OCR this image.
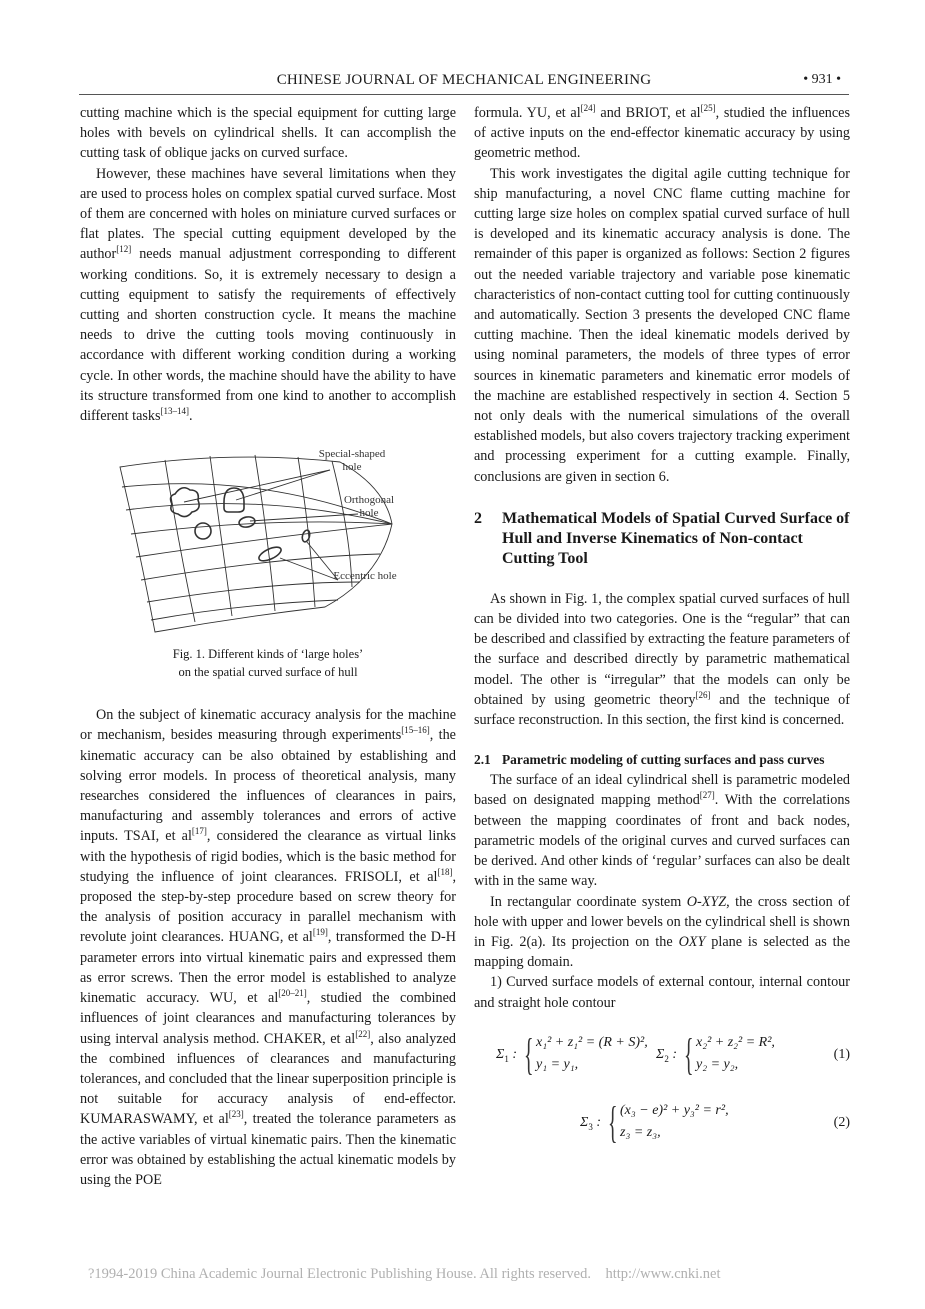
CHINESE JOURNAL OF MECHANICAL ENGINEERING	• 931 •

cutting machine which is the special equipment for cutting large holes with bevels on cylindrical shells. It can accomplish the cutting task of oblique jacks on curved surface.

However, these machines have several limitations when they are used to process holes on complex spatial curved surface. Most of them are concerned with holes on miniature curved surfaces or flat plates. The special cutting equipment developed by the author[12] needs manual adjustment corresponding to different working conditions. So, it is extremely necessary to design a cutting equipment to satisfy the requirements of effectively cutting and shorten construction cycle. It means the machine needs to drive the cutting tools moving continuously in accordance with different working condition during a working cycle. In other words, the machine should have the ability to have its structure transformed from one kind to another to accomplish different tasks[13–14].

Special-shaped hole
Orthogonal hole
Eccentric hole
Fig. 1. Different kinds of ‘large holes’
on the spatial curved surface of hull

On the subject of kinematic accuracy analysis for the machine or mechanism, besides measuring through experiments[15–16], the kinematic accuracy can be also obtained by establishing and solving error models. In process of theoretical analysis, many researches considered the influences of clearances in pairs, manufacturing and assembly tolerances and errors of active inputs. TSAI, et al[17], considered the clearance as virtual links with the hypothesis of rigid bodies, which is the basic method for studying the influence of joint clearances. FRISOLI, et al[18], proposed the step-by-step procedure based on screw theory for the analysis of position accuracy in parallel mechanism with revolute joint clearances. HUANG, et al[19], transformed the D-H parameter errors into virtual kinematic pairs and expressed them as error screws. Then the error model is established to analyze kinematic accuracy. WU, et al[20–21], studied the combined influences of joint clearances and manufacturing tolerances by using interval analysis method. CHAKER, et al[22], also analyzed the combined influences of clearances and manufacturing tolerances, and concluded that the linear superposition principle is not suitable for accuracy analysis of end-effector. KUMARASWAMY, et al[23], treated the tolerance parameters as the active variables of virtual kinematic pairs. Then the kinematic error was obtained by establishing the actual kinematic models by using the POE

formula. YU, et al[24] and BRIOT, et al[25], studied the influences of active inputs on the end-effector kinematic accuracy by using geometric method.

This work investigates the digital agile cutting technique for ship manufacturing, a novel CNC flame cutting machine for cutting large size holes on complex spatial curved surface of hull is developed and its kinematic accuracy analysis is done. The remainder of this paper is organized as follows: Section 2 figures out the needed variable trajectory and variable pose kinematic characteristics of non-contact cutting tool for cutting continuously and automatically. Section 3 presents the developed CNC flame cutting machine. Then the ideal kinematic models derived by using nominal parameters, the models of three types of error sources in kinematic parameters and kinematic error models of the machine are established respectively in section 4. Section 5 not only deals with the numerical simulations of the overall established models, but also covers trajectory tracking experiment and processing experiment for a cutting example. Finally, conclusions are given in section 6.

2	Mathematical Models of Spatial Curved Surface of Hull and Inverse Kinematics of Non-contact Cutting Tool

As shown in Fig. 1, the complex spatial curved surfaces of hull can be divided into two categories. One is the “regular” that can be described and classified by extracting the feature parameters of the surface and described directly by parametric mathematical model. The other is “irregular” that the models can only be obtained by using geometric theory[26] and the technique of surface reconstruction. In this section, the first kind is concerned.

2.1 Parametric modeling of cutting surfaces and pass curves

The surface of an ideal cylindrical shell is parametric modeled based on designated mapping method[27]. With the correlations between the mapping coordinates of front and back nodes, parametric models of the original curves and curved surfaces can be derived. And other kinds of ‘regular’ surfaces can also be dealt with in the same way.

In rectangular coordinate system O-XYZ, the cross section of hole with upper and lower bevels on the cylindrical shell is shown in Fig. 2(a). Its projection on the OXY plane is selected as the mapping domain.

1) Curved surface models of external contour, internal contour and straight hole contour

$\Sigma_1$ : { x₁² + z₁² = (R + S)²,
y₁ = y₁,
$\Sigma_2$ : { x₂² + z₂² = R²,
y₂ = y₂,
(1)
$\Sigma_3$ : { (x₃ − e)² + y₃² = r²,
z₃ = z₃,
(2)
?1994-2019 China Academic Journal Electronic Publishing House. All rights reserved.    http://www.cnki.net
